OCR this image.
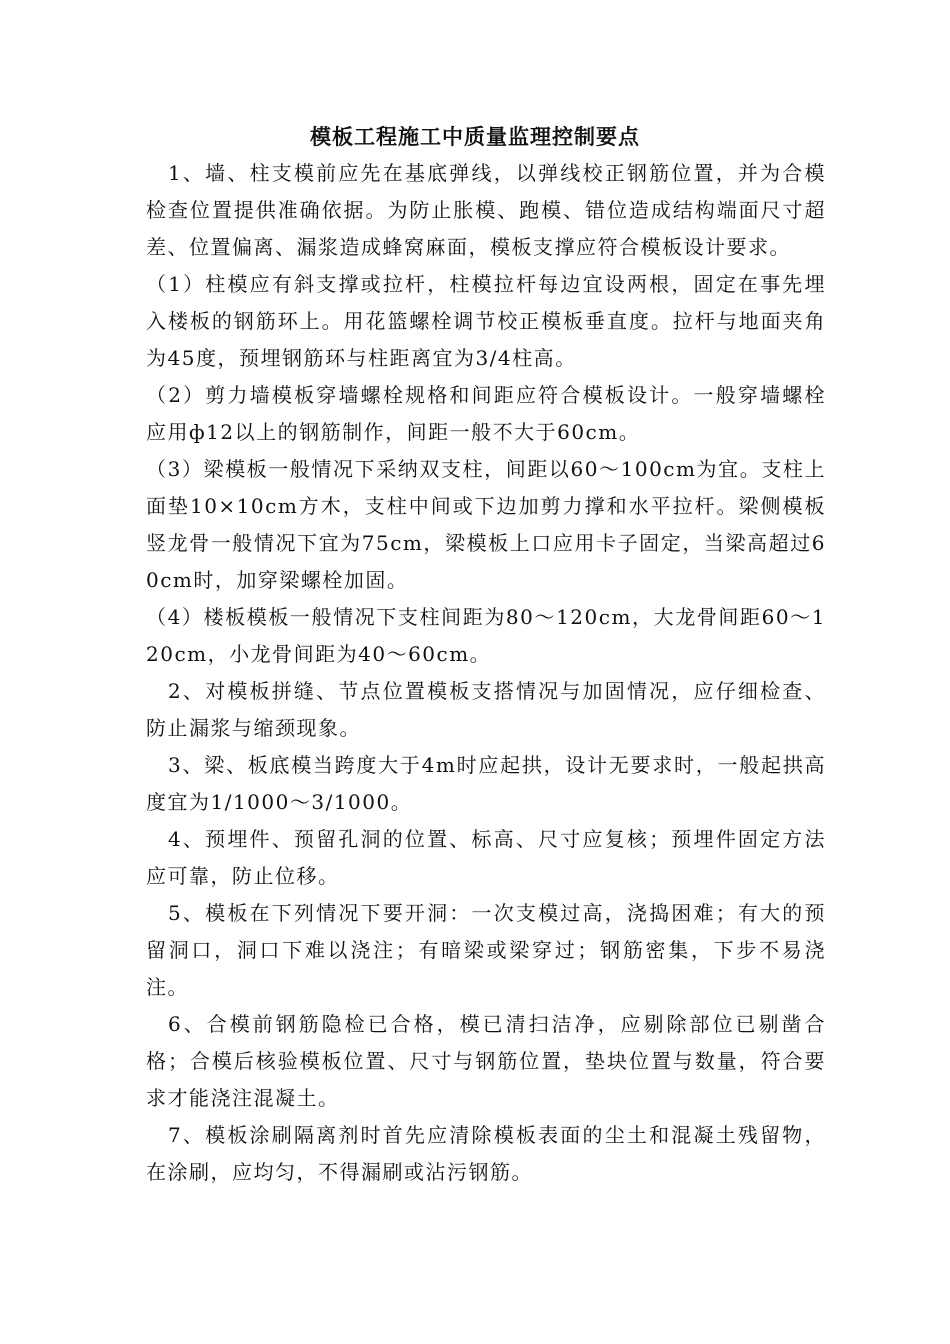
模板工程施工中质量监理控制要点

1、墙、柱支模前应先在基底弹线，以弹线校正钢筋位置，并为合模检查位置提供准确依据。为防止胀模、跑模、错位造成结构端面尺寸超差、位置偏离、漏浆造成蜂窝麻面，模板支撑应符合模板设计要求。

（1）柱模应有斜支撑或拉杆，柱模拉杆每边宜设两根，固定在事先埋入楼板的钢筋环上。用花篮螺栓调节校正模板垂直度。拉杆与地面夹角为45度，预埋钢筋环与柱距离宜为3/4柱高。

（2）剪力墙模板穿墙螺栓规格和间距应符合模板设计。一般穿墙螺栓应用ф12以上的钢筋制作，间距一般不大于60cm。

（3）梁模板一般情况下采纳双支柱，间距以60～100cm为宜。支柱上面垫10×10cm方木，支柱中间或下边加剪力撑和水平拉杆。梁侧模板竖龙骨一般情况下宜为75cm，梁模板上口应用卡子固定，当梁高超过60cm时，加穿梁螺栓加固。

（4）楼板模板一般情况下支柱间距为80～120cm，大龙骨间距60～120cm，小龙骨间距为40～60cm。

2、对模板拼缝、节点位置模板支搭情况与加固情况，应仔细检查、防止漏浆与缩颈现象。

3、梁、板底模当跨度大于4m时应起拱，设计无要求时，一般起拱高度宜为1/1000～3/1000。

4、预埋件、预留孔洞的位置、标高、尺寸应复核；预埋件固定方法应可靠，防止位移。

5、模板在下列情况下要开洞：一次支模过高，浇捣困难；有大的预留洞口，洞口下难以浇注；有暗梁或梁穿过；钢筋密集，下步不易浇注。

6、合模前钢筋隐检已合格，模已清扫洁净，应剔除部位已剔凿合格；合模后核验模板位置、尺寸与钢筋位置，垫块位置与数量，符合要求才能浇注混凝土。

7、模板涂刷隔离剂时首先应清除模板表面的尘土和混凝土残留物，在涂刷，应均匀，不得漏刷或沾污钢筋。
